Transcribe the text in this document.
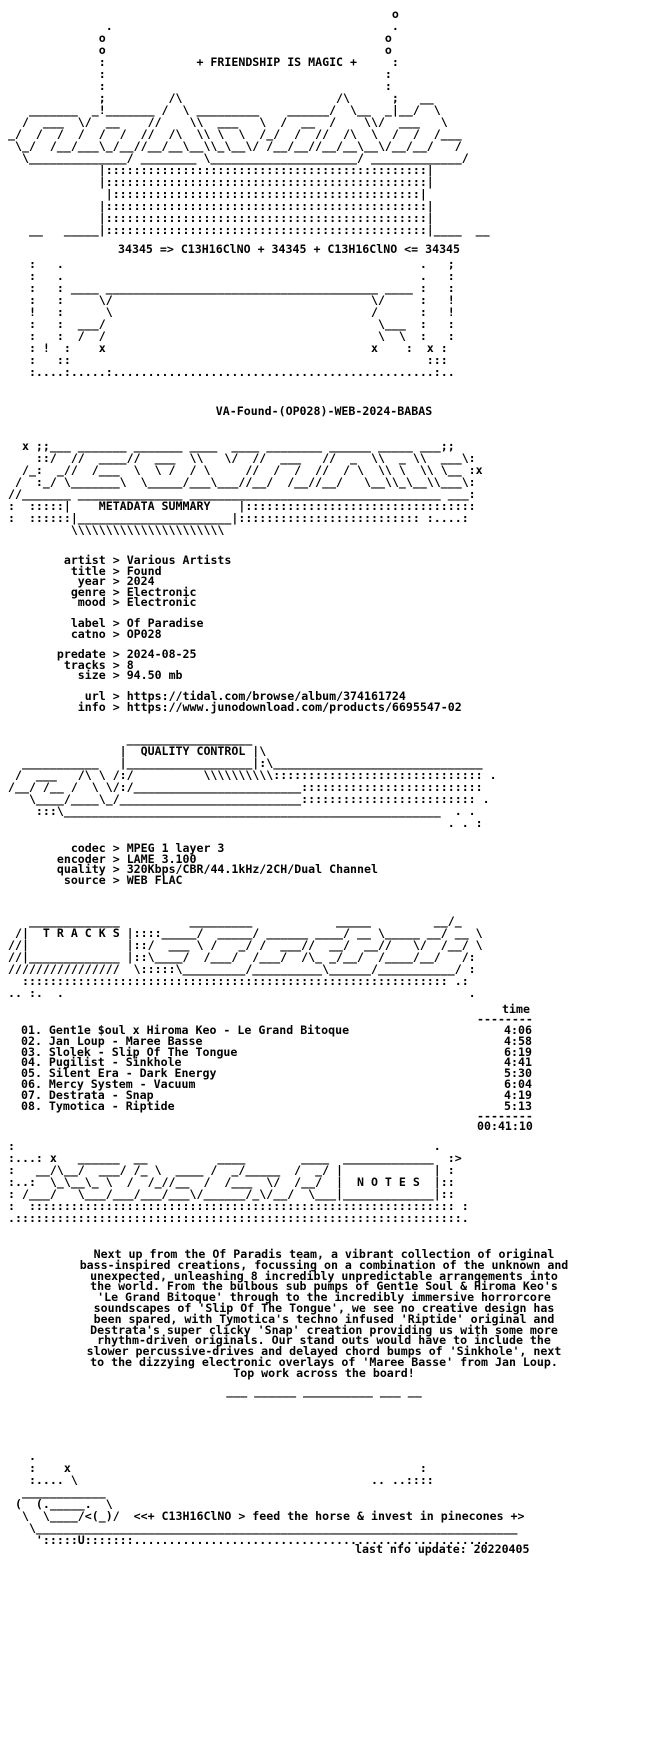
o
.                                        .
o                                        o
o                                        o
:             + FRIENDSHIP IS MAGIC +     :
:                                        :
:                                        :
;         /\                      /\      ;   __
_______  _!_______ /  \ _________    ______/  \__  _|__/  \
/  ___  \/  __    //    \\  ___   \  /  __  /    \\/  ___   \
_/  /  /  /  /  /  //  /\  \\ \  \  /_/  /  //  /\  \  /  /  /___
\_/  /__/___\_/__//__/__\__\\_\__\/ /__/__//__/__\__\/__/__/   /
\______________/ ________ \_____________________/ _____________/
|::::::::::::::::::::::::::::::::::::::::::::::|
|::::::::::::::::::::::::::::::::::::::::::::::|
|::::::::::::::::::::::::::::::::::::::::::::|
|::::::::::::::::::::::::::::::::::::::::::::::|
|::::::::::::::::::::::::::::::::::::::::::::::|
__   _____|::::::::::::::::::::::::::::::::::::::::::::::|____  __
34345 => C13H16ClNO + 34345 + C13H16ClNO <= 34345
:   .                                                   .   ;
:   .                                                   .   :
:   : ____ _______________________________________ ____ :   :
:   :     \/                                     \/     :   !
!   :      \                                     /      :   !
:   :  ___/                                       \___  :   :
:   :  /  /                                       \  \  :   :
: !  :    x                                      x    :  x :
:   ::                                                   :::
:....:.....:..............................................:..
VA-Found-(OP028)-WEB-2024-BABAS
x ;;___ _______ _______ ____  ____ ________ ______ _____ ___;;
::/  //  ____//  ___  \\   \/  //  ___   //  _  \\  _ \\  ___\:
/_:  _//  /___  \  \ /  / \     //  /  /  //  / \  \\ \  \\ \__ :x
/  :_/ \_______\  \_____/___\___//__/  /__//__/   \__\\_\__\\___\:
//_______ _______________ ____________________________________ ___:
:  :::::|    METADATA SUMMARY    |:::::::::::::::::::::::::::::::::
:  ::::::|______________________|:::::::::::::::::::::::::: :....:
\\\\\\\\\\\\\\\\\\\\\\
artist > Various Artists
title > Found
year > 2024
genre > Electronic
mood > Electronic
label > Of Paradise
catno > OP028
predate > 2024-08-25
tracks > 8
size > 94.50 mb
url > https://tidal.com/browse/album/374161724
info > https://www.junodownload.com/products/6695547-02
__________________
|  QUALITY CONTROL |\
___________   |__________________|:\______________________________
/  ___   /\ \ /:/          \\\\\\\\\\:::::::::::::::::::::::::::::: .
/__/ /__ /  \ \/:/________________________::::::::::::::::::::::::::
\____/____\_/__________________________::::::::::::::::::::::::: .
:::\______________________________________________________  . .
. . :
codec > MPEG 1 layer 3
encoder > LAME 3.100
quality > 320Kbps/CBR/44.1kHz/2CH/Dual Channel
source > WEB FLAC
_____________          _________            _____         __/_
/|  T R A C K S |::::_____/  _____/ ______ ____/ __ \_____ __/ __ \
//|              |::/  ___ \ /   _/ /  ___//  __/  __//   \/  /__/ \
//|_____________ |::\____/  /___/  /___/  /\_ _/__/  /____/__/   /:
////////////////  \:::::\_________/__________\______/___________/ :
::::::::::::::::::::::::::::::::::::::::::::::::::::::::::::: .:
.. :.  .                                                          .
time
--------
01. Gent1e $oul x Hiroma Keo - Le Grand Bitoque	4:06
02. Jan Loup - Maree Basse	4:58
03. Slolek - Slip Of The Tongue	6:19
04. Pugilist - Sinkhole	4:41
05. Silent Era - Dark Energy	5:30
06. Mercy System - Vacuum	6:04
07. Destrata - Snap	4:19
08. Tymotica - Riptide	5:13
--------
00:41:10
:                                                            .
:...: x   ______  __          ____        ____  _____________  :>
:   __/\__/  ___/ /_ \  ____ /  _/_____  /  _/ |             | :
:..:  \_\__\_ \  /  /_//__  /  /___  \/  /__/  |  N O T E S  |::
: /___/   \___/___/___/___\/______/_\/__/  \___|_____________|::
:  ::::::::::::::::::::::::::::::::::::::::::::::::::::::::::::: :
.::::::::::::::::::::::::::::::::::::::::::::::::::::::::::::::::.
Next up from the Of Paradis team, a vibrant collection of original
bass-inspired creations, focussing on a combination of the unknown and
unexpected, unleashing 8 incredibly unpredictable arrangements into
the world. From the bulbous sub pumps of Gent1e Soul & Hiroma Keo's
'Le Grand Bitoque' through to the incredibly immersive horrorcore
soundscapes of 'Slip Of The Tongue', we see no creative design has
been spared, with Tymotica's techno infused 'Riptide' original and
Destrata's super clicky 'Snap' creation providing us with some more
rhythm-driven originals. Our stand outs would have to include the
slower percussive-drives and delayed chord bumps of 'Sinkhole', next
to the dizzying electronic overlays of 'Maree Basse' from Jan Loup.
Top work across the board!
___ ______ __________ ___ __
.
:    x                                                  :
:.... \                                          .. ..::::
____________
(  (._____.  \
\  \____/<(_)/  <<+ C13H16ClNO > feed the horse & invest in pinecones +>
\_____________________________________________________________________
':::::U:::::::...................................................
last nfo update: 20220405
